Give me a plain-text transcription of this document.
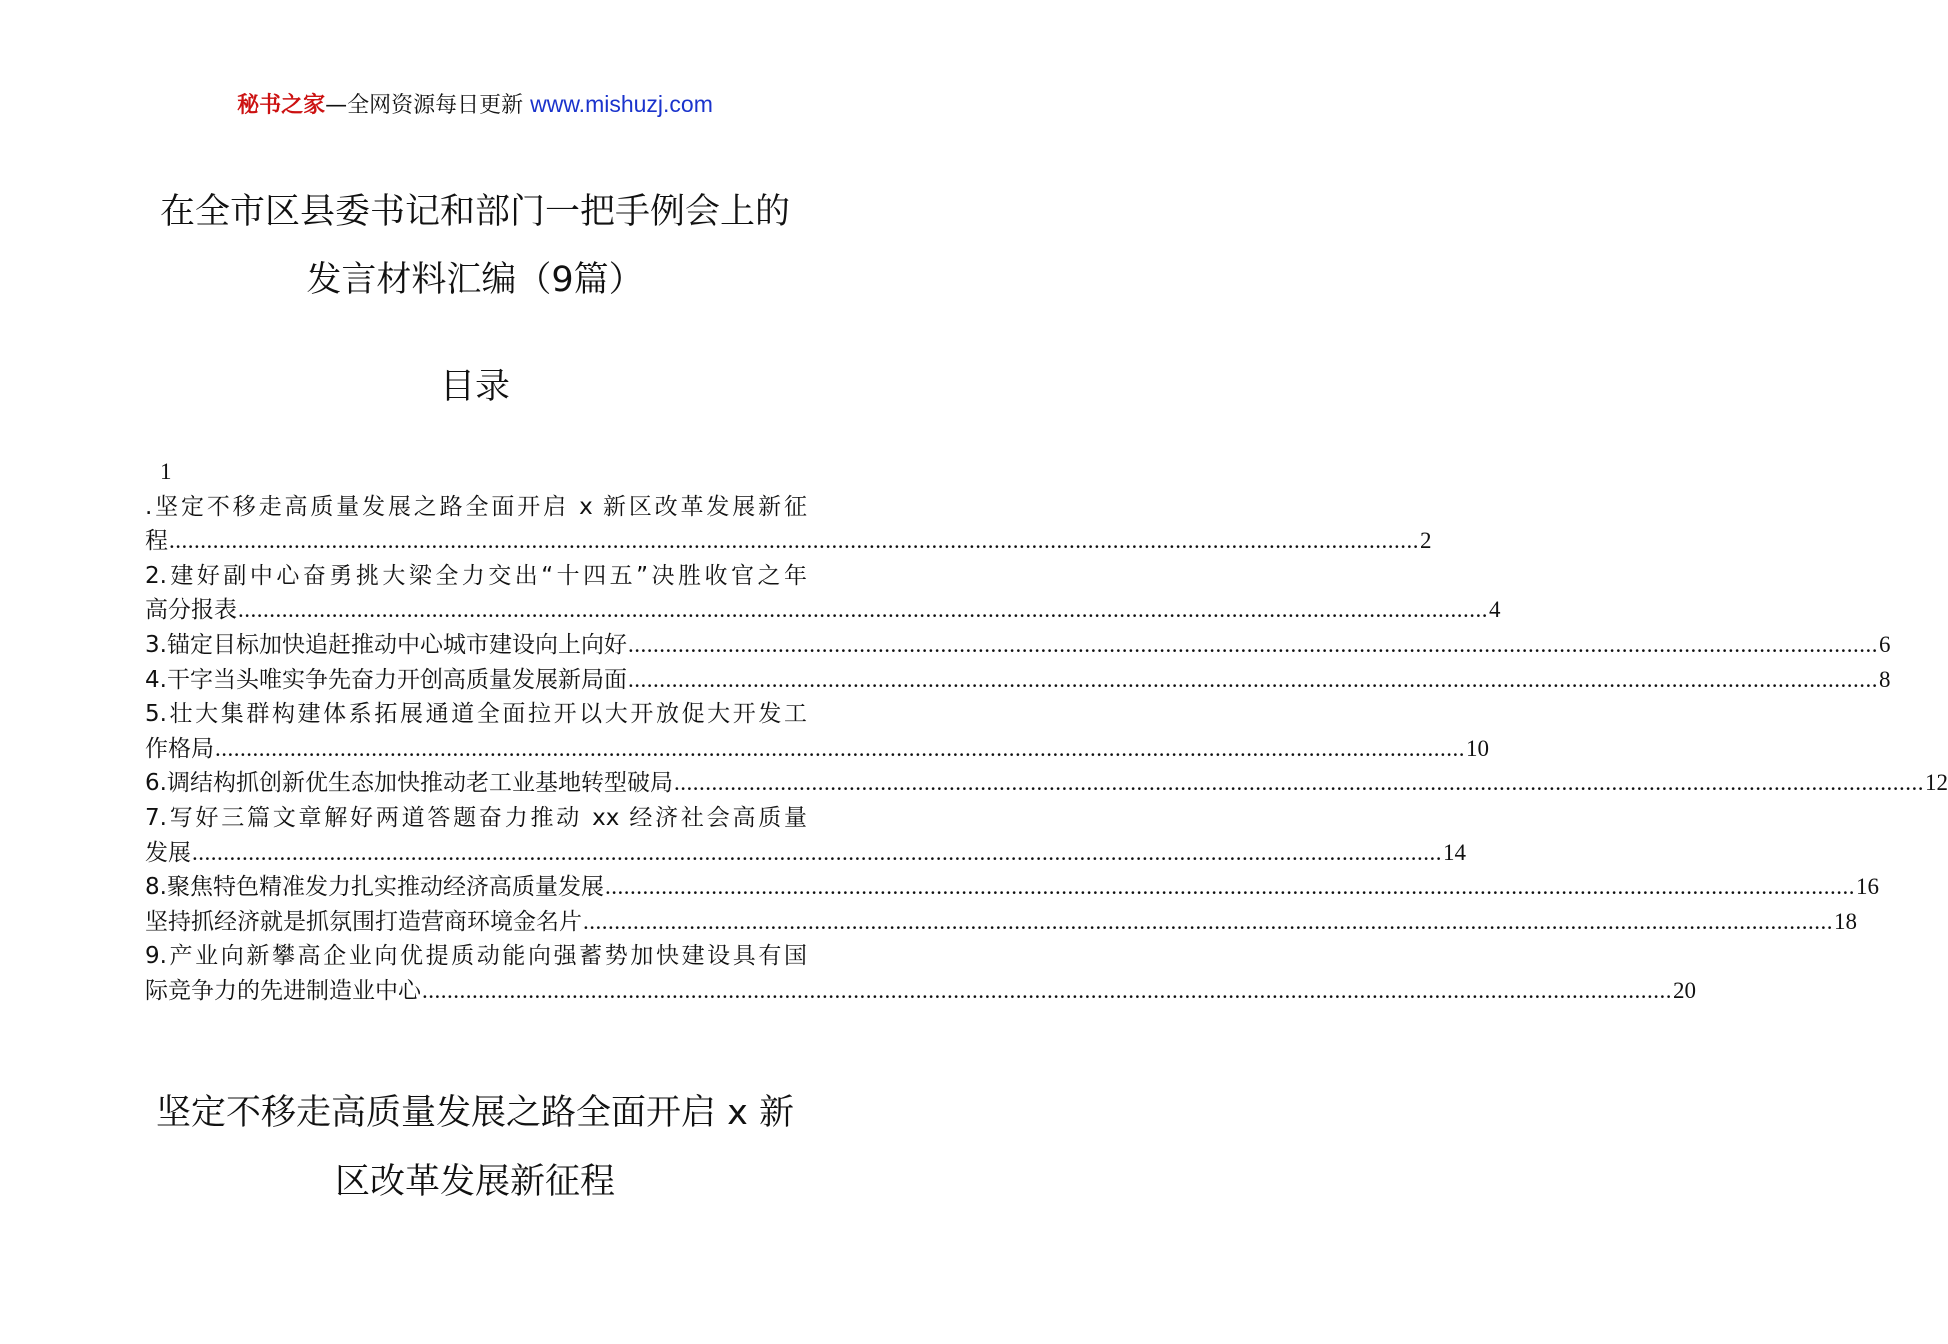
秘书之家—全网资源每日更新 www.mishuzj.com
在全市区县委书记和部门一把手例会上的
发言材料汇编（9篇）
目录
1
.坚定不移走高质量发展之路全面开启 x 新区改革发展新征
程 ........................................................................................................................................................................................................ 2
2.建好副中心奋勇挑大梁全力交出“十四五”决胜收官之年
高分报表 ........................................................................................................................................................................................................ 4
3.锚定目标加快追赶推动中心城市建设向上向好 ........................................................................................................................................................................................................ 6
4.干字当头唯实争先奋力开创高质量发展新局面 ........................................................................................................................................................................................................ 8
5.壮大集群构建体系拓展通道全面拉开以大开放促大开发工
作格局 ........................................................................................................................................................................................................ 10
6.调结构抓创新优生态加快推动老工业基地转型破局 ........................................................................................................................................................................................................ 12
7.写好三篇文章解好两道答题奋力推动 xx 经济社会高质量
发展 ........................................................................................................................................................................................................ 14
8.聚焦特色精准发力扎实推动经济高质量发展 ........................................................................................................................................................................................................ 16
坚持抓经济就是抓氛围打造营商环境金名片 ........................................................................................................................................................................................................ 18
9.产业向新攀高企业向优提质动能向强蓄势加快建设具有国
际竞争力的先进制造业中心 ........................................................................................................................................................................................................ 20
坚定不移走高质量发展之路全面开启 x 新
区改革发展新征程
